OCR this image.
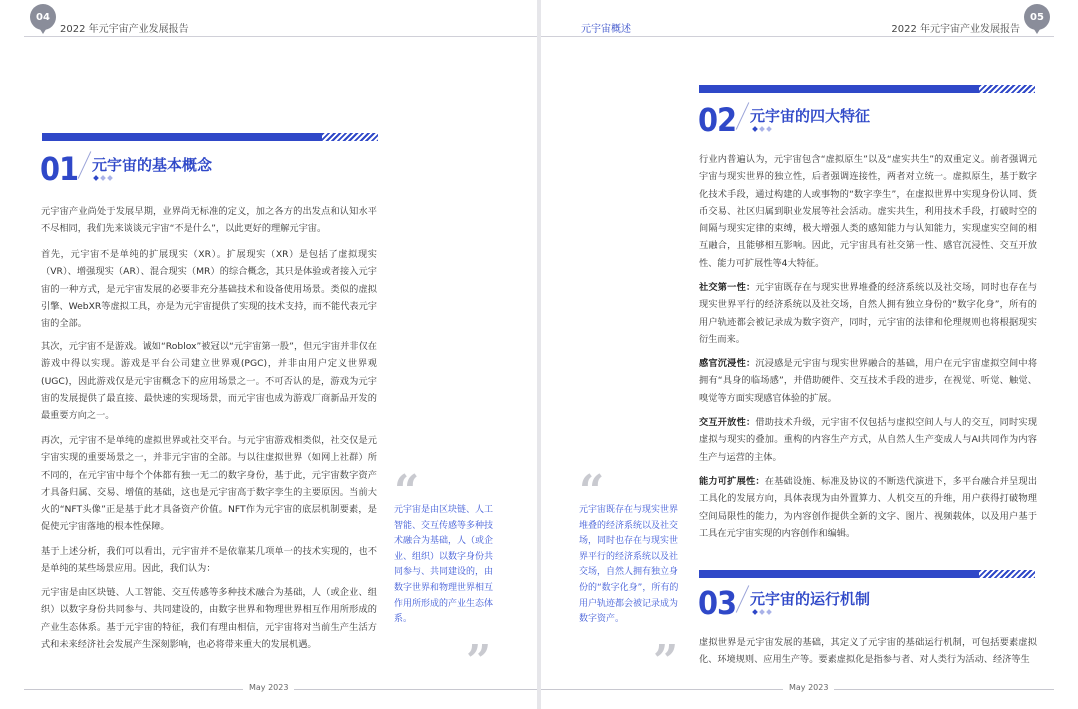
04
2022 年元宇宙产业发展报告
01 元宇宙的基本概念
元宇宙产业尚处于发展早期，业界尚无标准的定义，加之各方的出发点和认知水平不尽相同，我们先来谈谈元宇宙“不是什么”，以此更好的理解元宇宙。
首先，元宇宙不是单纯的扩展现实（XR）。扩展现实（XR）是包括了虚拟现实（VR）、增强现实（AR）、混合现实（MR）的综合概念，其只是体验或者接入元宇宙的一种方式，是元宇宙发展的必要非充分基础技术和设备使用场景。类似的虚拟引擎、WebXR等虚拟工具，亦是为元宇宙提供了实现的技术支持，而不能代表元宇宙的全部。
其次，元宇宙不是游戏。诚如“Roblox”被冠以“元宇宙第一股”，但元宇宙并非仅在游戏中得以实现。游戏是平台公司建立世界观(PGC)，并非由用户定义世界观(UGC)，因此游戏仅是元宇宙概念下的应用场景之一。不可否认的是，游戏为元宇宙的发展提供了最直接、最快速的实现场景，而元宇宙也成为游戏厂商新品开发的最重要方向之一。
再次，元宇宙不是单纯的虚拟世界或社交平台。与元宇宙游戏相类似，社交仅是元宇宙实现的重要场景之一，并非元宇宙的全部。与以往虚拟世界（如网上社群）所不同的，在元宇宙中每个个体都有独一无二的数字身份，基于此，元宇宙数字资产才具备归属、交易、增值的基础，这也是元宇宙高于数字孪生的主要原因。当前大火的“NFT头像”正是基于此才具备资产价值。NFT作为元宇宙的底层机制要素，是促使元宇宙落地的根本性保障。
基于上述分析，我们可以看出，元宇宙并不是依靠某几项单一的技术实现的，也不是单纯的某些场景应用。因此，我们认为：
元宇宙是由区块链、人工智能、交互传感等多种技术融合为基础，人（或企业、组织）以数字身份共同参与、共同建设的，由数字世界和物理世界相互作用所形成的产业生态体系。基于元宇宙的特征，我们有理由相信，元宇宙将对当前生产生活方式和未来经济社会发展产生深刻影响，也必将带来重大的发展机遇。
“
元宇宙是由区块链、人工智能、交互传感等多种技术融合为基础，人（或企业、组织）以数字身份共同参与、共同建设的，由数字世界和物理世界相互作用所形成的产业生态体系。
”
May 2023
元宇宙概述	2022 年元宇宙产业发展报告
05
02 元宇宙的四大特征
行业内普遍认为，元宇宙包含“虚拟原生”以及“虚实共生”的双重定义。前者强调元宇宙与现实世界的独立性，后者强调连接性，两者对立统一。虚拟原生，基于数字化技术手段，通过构建的人或事物的“数字孪生”，在虚拟世界中实现身份认同、货币交易、社区归属到职业发展等社会活动。虚实共生，利用技术手段，打破时空的间隔与现实定律的束缚，极大增强人类的感知能力与认知能力，实现虚实空间的相互融合，且能够相互影响。因此，元宇宙具有社交第一性、感官沉浸性、交互开放性、能力可扩展性等4大特征。
社交第一性：元宇宙既存在与现实世界堆叠的经济系统以及社交场，同时也存在与现实世界平行的经济系统以及社交场，自然人拥有独立身份的“数字化身”，所有的用户轨迹都会被记录成为数字资产，同时，元宇宙的法律和伦理规则也将根据现实衍生而来。
感官沉浸性：沉浸感是元宇宙与现实世界融合的基础，用户在元宇宙虚拟空间中将拥有“具身的临场感”，并借助硬件、交互技术手段的进步，在视觉、听觉、触觉、嗅觉等方面实现感官体验的扩展。
交互开放性：借助技术升级，元宇宙不仅包括与虚拟空间人与人的交互，同时实现虚拟与现实的叠加。重构的内容生产方式，从自然人生产变成人与AI共同作为内容生产与运营的主体。
能力可扩展性：在基础设施、标准及协议的不断迭代演进下，多平台融合并呈现出工具化的发展方向，具体表现为由外置算力、人机交互的升维，用户获得打破物理空间局限性的能力，为内容创作提供全新的文字、图片、视频载体，以及用户基于工具在元宇宙实现的内容创作和编辑。
03 元宇宙的运行机制
虚拟世界是元宇宙发展的基础，其定义了元宇宙的基础运行机制，可包括要素虚拟化、环境规则、应用生产等。要素虚拟化是指参与者、对人类行为活动、经济等生
“
元宇宙既存在与现实世界堆叠的经济系统以及社交场，同时也存在与现实世界平行的经济系统以及社交场，自然人拥有独立身份的“数字化身”，所有的用户轨迹都会被记录成为数字资产。
”
May 2023
